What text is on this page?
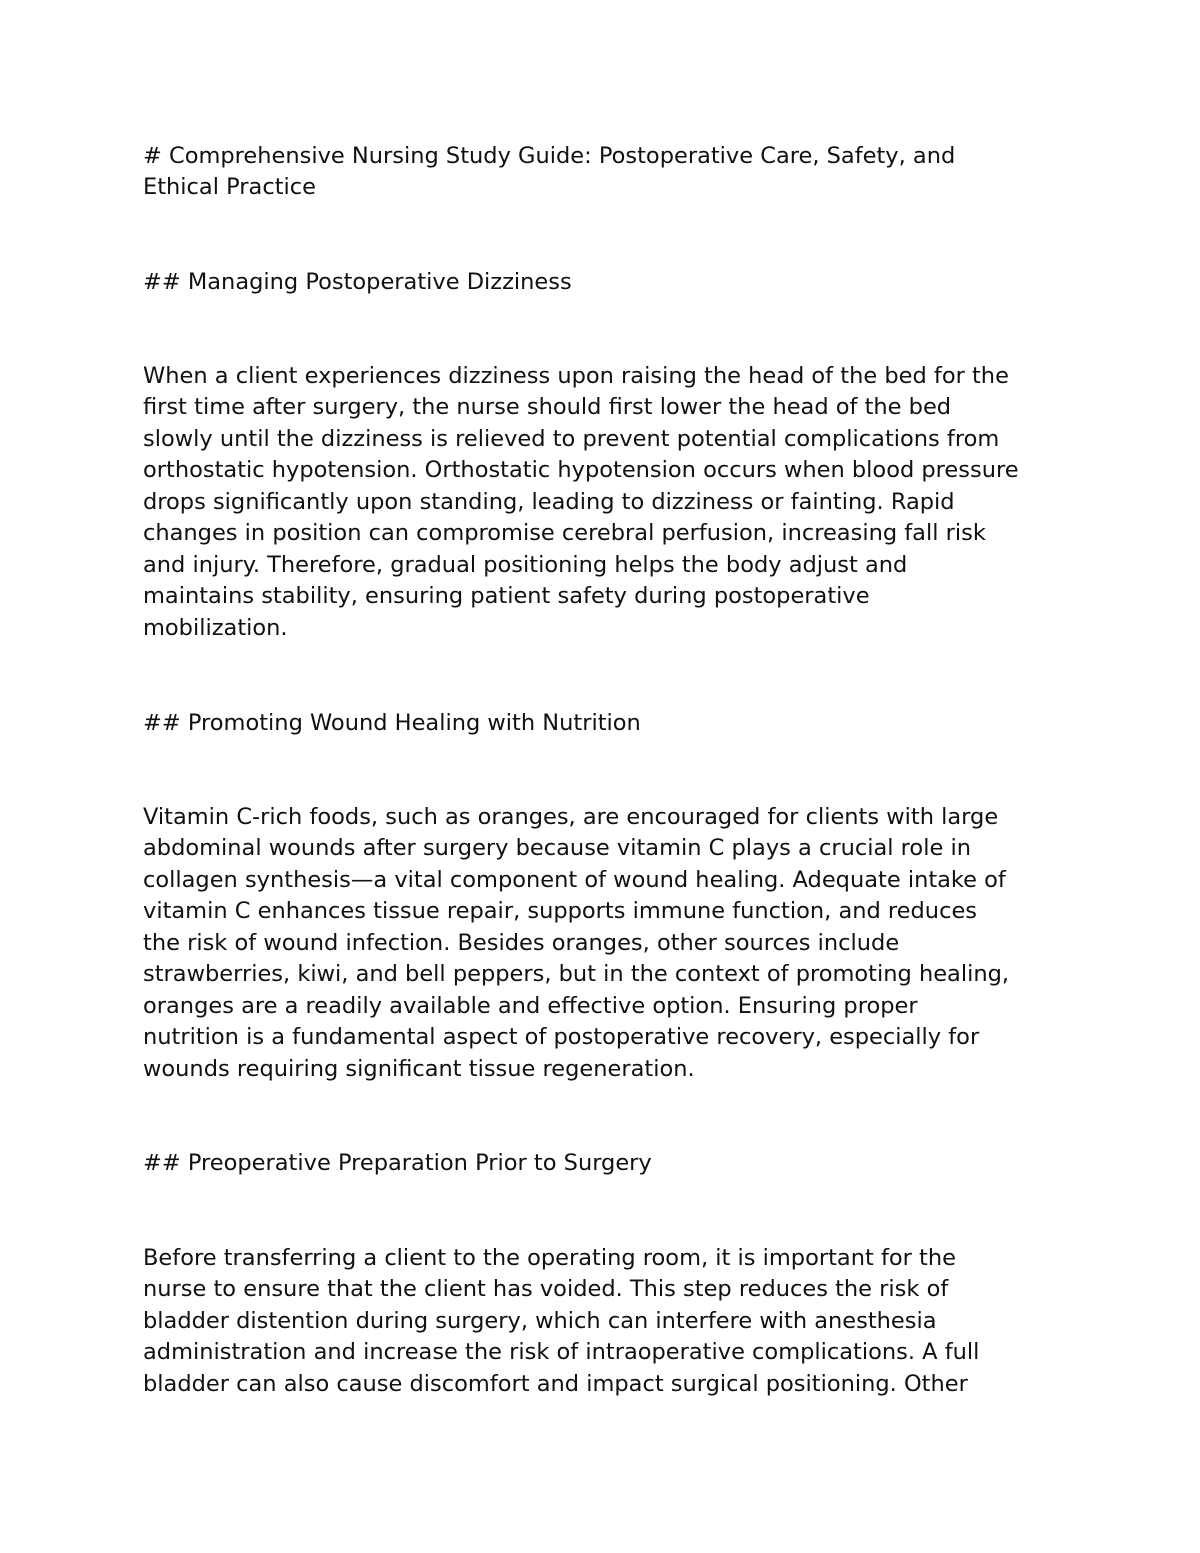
# Comprehensive Nursing Study Guide: Postoperative Care, Safety, and

Ethical Practice

## Managing Postoperative Dizziness

When a client experiences dizziness upon raising the head of the bed for the

first time after surgery, the nurse should first lower the head of the bed

slowly until the dizziness is relieved to prevent potential complications from

orthostatic hypotension. Orthostatic hypotension occurs when blood pressure

drops significantly upon standing, leading to dizziness or fainting. Rapid

changes in position can compromise cerebral perfusion, increasing fall risk

and injury. Therefore, gradual positioning helps the body adjust and

maintains stability, ensuring patient safety during postoperative

mobilization.

## Promoting Wound Healing with Nutrition

Vitamin C-rich foods, such as oranges, are encouraged for clients with large

abdominal wounds after surgery because vitamin C plays a crucial role in

collagen synthesis—a vital component of wound healing. Adequate intake of

vitamin C enhances tissue repair, supports immune function, and reduces

the risk of wound infection. Besides oranges, other sources include

strawberries, kiwi, and bell peppers, but in the context of promoting healing,

oranges are a readily available and effective option. Ensuring proper

nutrition is a fundamental aspect of postoperative recovery, especially for

wounds requiring significant tissue regeneration.

## Preoperative Preparation Prior to Surgery

Before transferring a client to the operating room, it is important for the

nurse to ensure that the client has voided. This step reduces the risk of

bladder distention during surgery, which can interfere with anesthesia

administration and increase the risk of intraoperative complications. A full

bladder can also cause discomfort and impact surgical positioning. Other
